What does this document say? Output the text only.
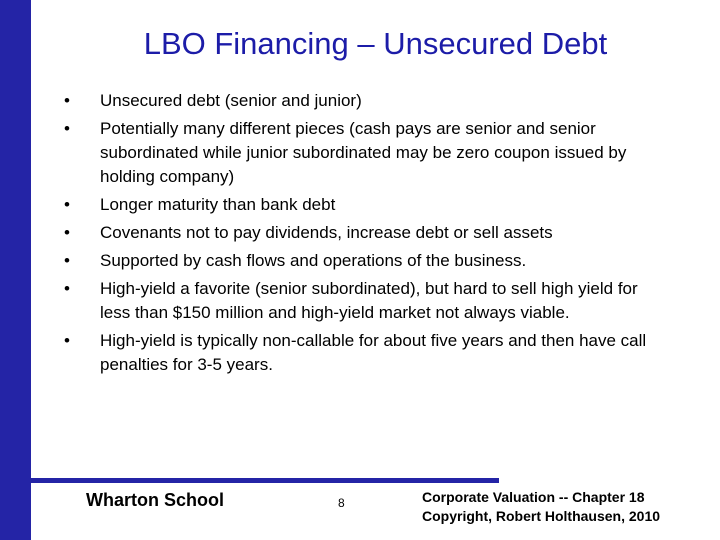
LBO Financing – Unsecured Debt
•	Unsecured debt (senior and junior)
•	Potentially many different pieces (cash pays are senior and senior subordinated while junior subordinated may be zero coupon issued by holding company)
•	Longer maturity than bank debt
•	Covenants not to pay dividends, increase debt or sell assets
•	Supported by cash flows and operations of the business.
•	High-yield a favorite (senior subordinated), but hard to sell high yield for less than $150 million and high-yield market not always viable.
•	High-yield is typically non-callable for about five years and then have call penalties for 3-5 years.
Wharton School	8	Corporate Valuation -- Chapter 18
Copyright, Robert Holthausen, 2010
